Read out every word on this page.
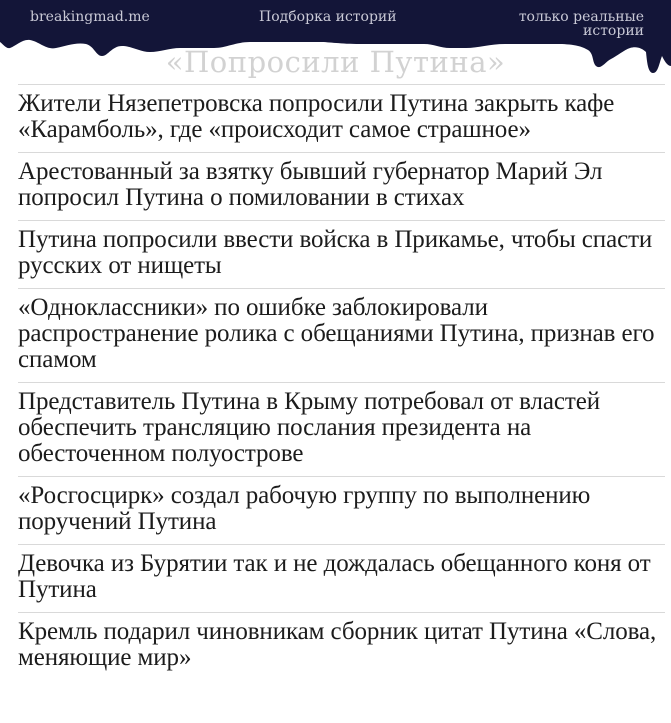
breakingmad.me	Подборка историй	только реальные истории
«Попросили Путина»
Жители Нязепетровска попросили Путина закрыть кафе «Карамболь», где «происходит самое страшное»
Арестованный за взятку бывший губернатор Марий Эл попросил Путина о помиловании в стихах
Путина попросили ввести войска в Прикамье, чтобы спасти русских от нищеты
«Одноклассники» по ошибке заблокировали распространение ролика с обещаниями Путина, признав его спамом
Представитель Путина в Крыму потребовал от властей обеспечить трансляцию послания президента на обесточенном полуострове
«Росгосцирк» создал рабочую группу по выполнению поручений Путина
Девочка из Бурятии так и не дождалась обещанного коня от Путина
Кремль подарил чиновникам сборник цитат Путина «Слова, меняющие мир»
